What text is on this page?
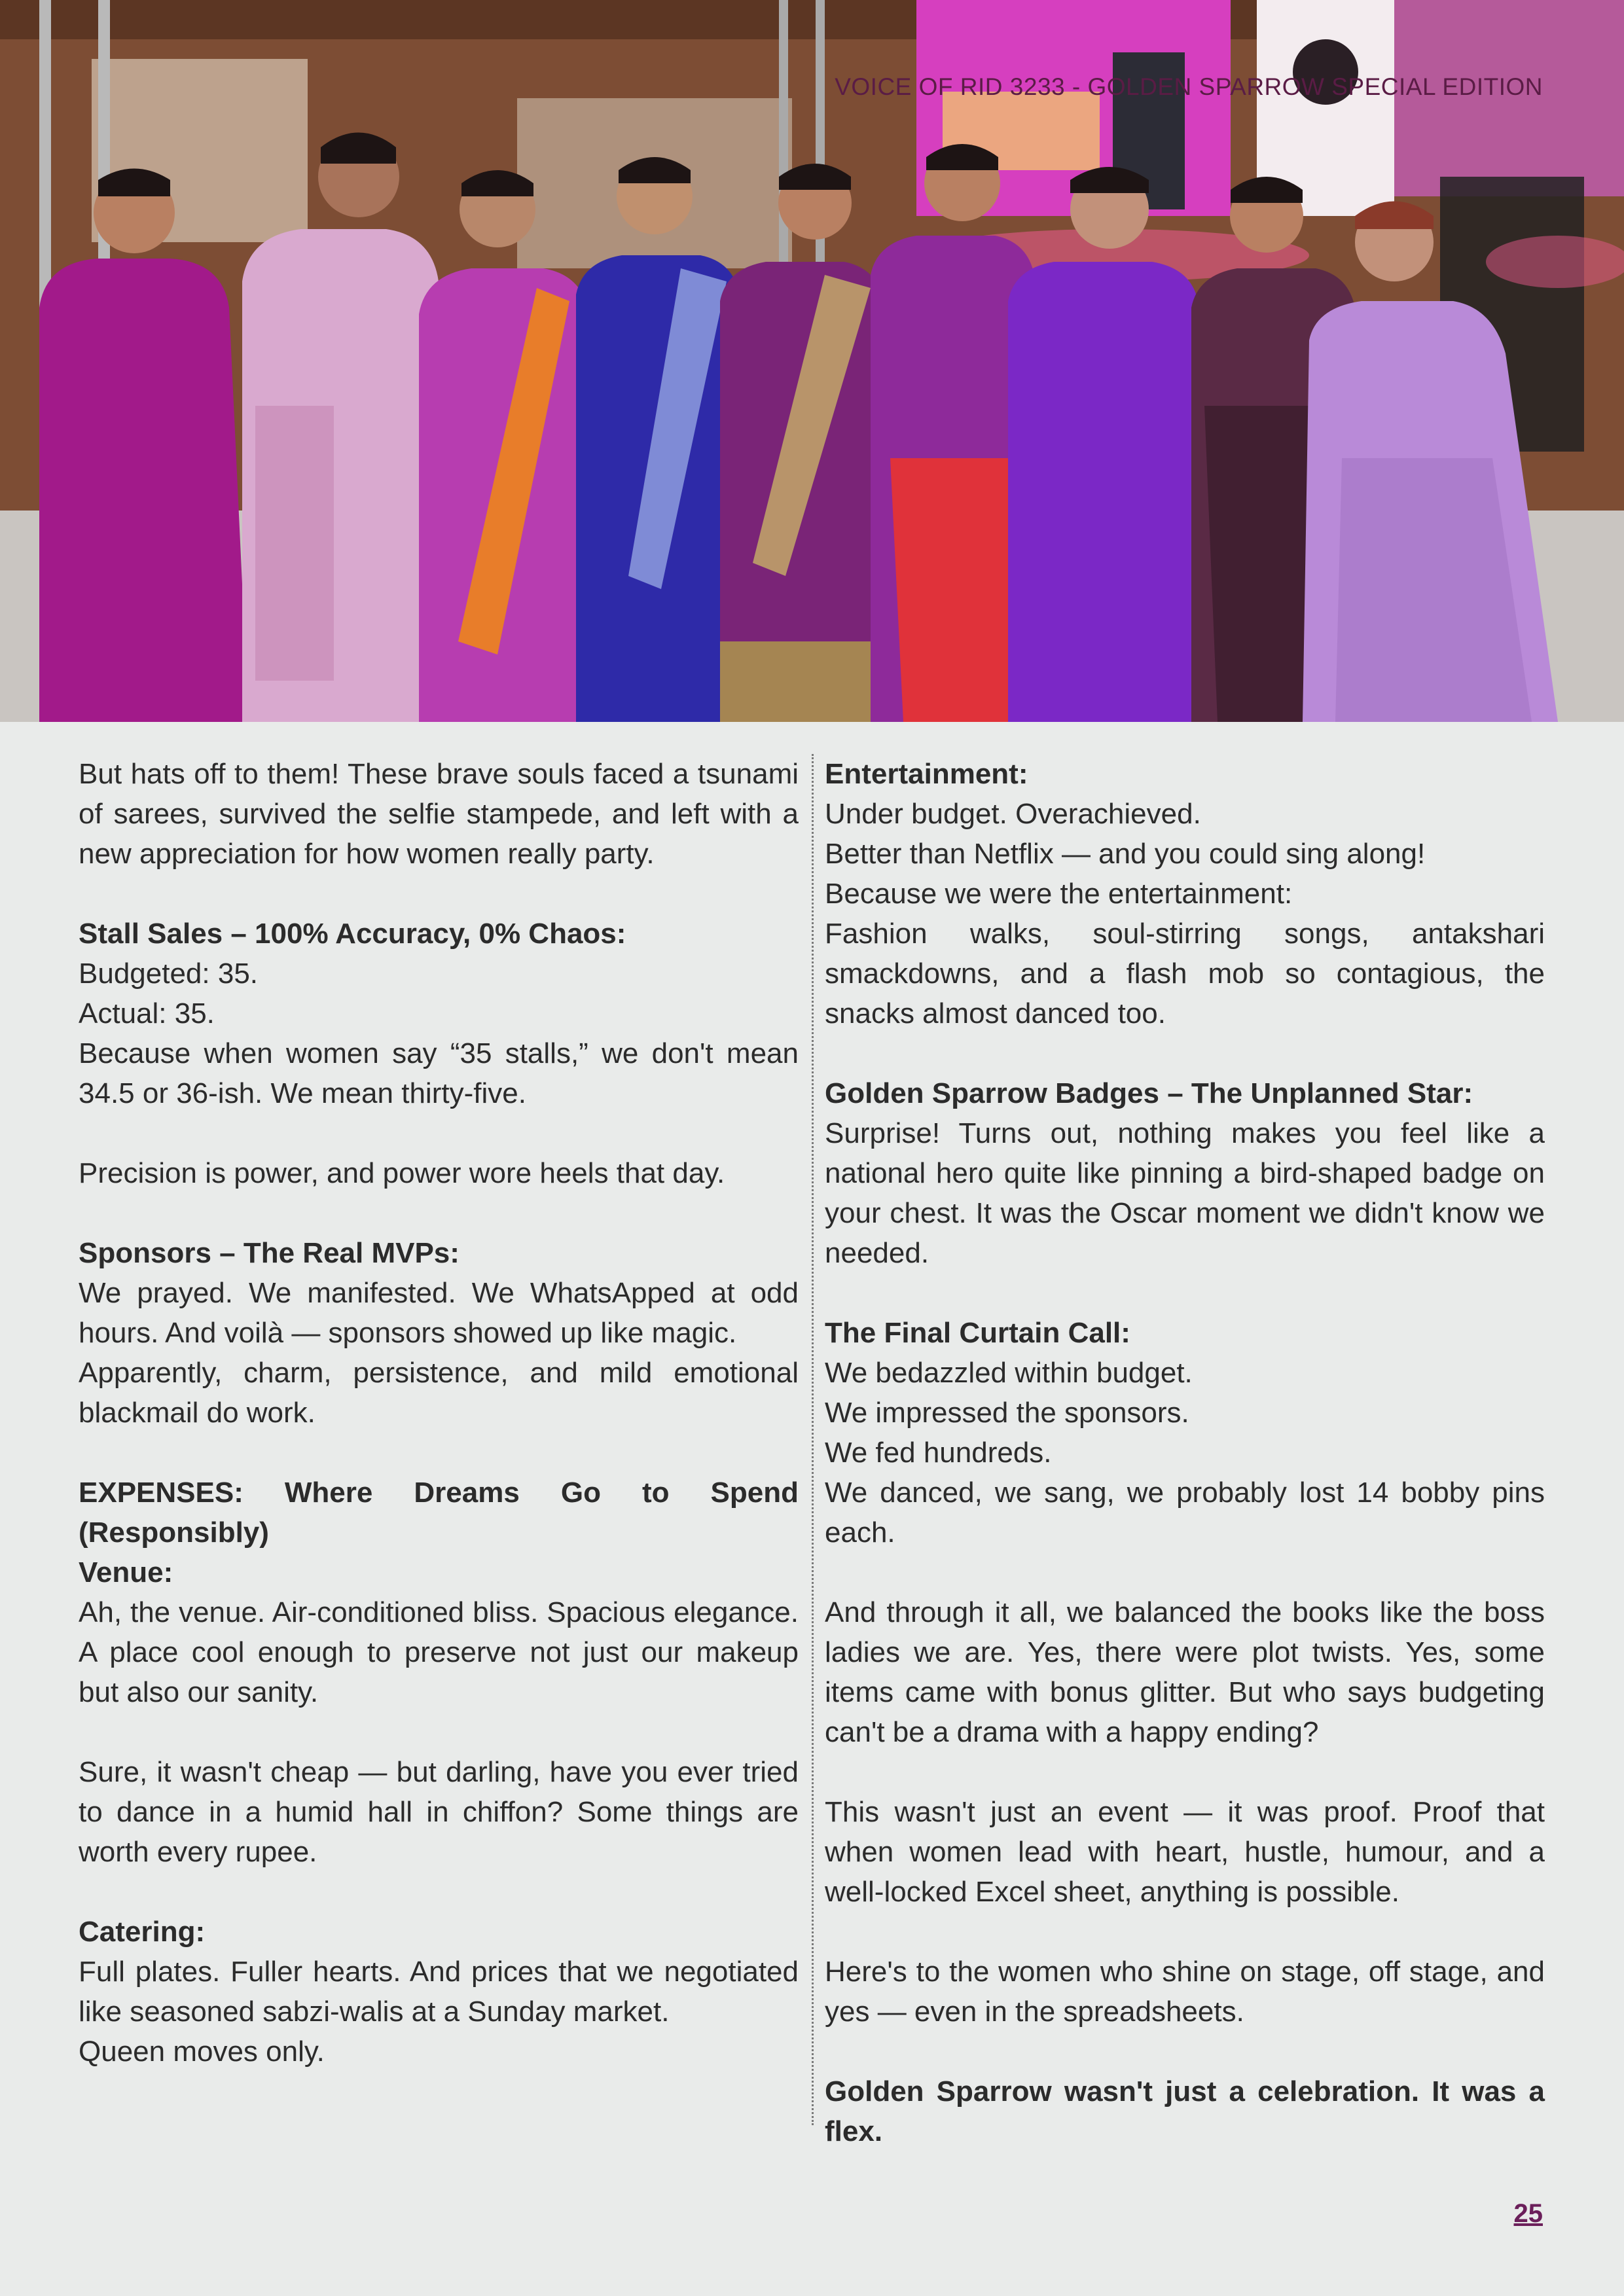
VOICE OF RID 3233 - GOLDEN SPARROW SPECIAL EDITION

But hats off to them! These brave souls faced a tsunami of sarees, survived the selfie stampede, and left with a new appreciation for how women really party.

Stall Sales – 100% Accuracy, 0% Chaos:
Budgeted: 35.
Actual: 35.
Because when women say “35 stalls,” we don't mean 34.5 or 36-ish. We mean thirty-five.

Precision is power, and power wore heels that day.

Sponsors – The Real MVPs:
We prayed. We manifested. We WhatsApped at odd hours. And voilà — sponsors showed up like magic.
Apparently, charm, persistence, and mild emotional blackmail do work.

EXPENSES: Where Dreams Go to Spend (Responsibly)
Venue:
Ah, the venue. Air-conditioned bliss. Spacious elegance. A place cool enough to preserve not just our makeup but also our sanity.

Sure, it wasn't cheap — but darling, have you ever tried to dance in a humid hall in chiffon? Some things are worth every rupee.

Catering:
Full plates. Fuller hearts. And prices that we negotiated like seasoned sabzi-walis at a Sunday market.
Queen moves only.

Entertainment:
Under budget. Overachieved.
Better than Netflix — and you could sing along!
Because we were the entertainment:
Fashion walks, soul-stirring songs, antakshari smackdowns, and a flash mob so contagious, the snacks almost danced too.

Golden Sparrow Badges – The Unplanned Star:
Surprise! Turns out, nothing makes you feel like a national hero quite like pinning a bird-shaped badge on your chest. It was the Oscar moment we didn't know we needed.

The Final Curtain Call:
We bedazzled within budget.
We impressed the sponsors.
We fed hundreds.
We danced, we sang, we probably lost 14 bobby pins each.

And through it all, we balanced the books like the boss ladies we are. Yes, there were plot twists. Yes, some items came with bonus glitter. But who says budgeting can't be a drama with a happy ending?

This wasn't just an event — it was proof. Proof that when women lead with heart, hustle, humour, and a well-locked Excel sheet, anything is possible.

Here's to the women who shine on stage, off stage, and yes — even in the spreadsheets.

Golden Sparrow wasn't just a celebration. It was a flex.

25
